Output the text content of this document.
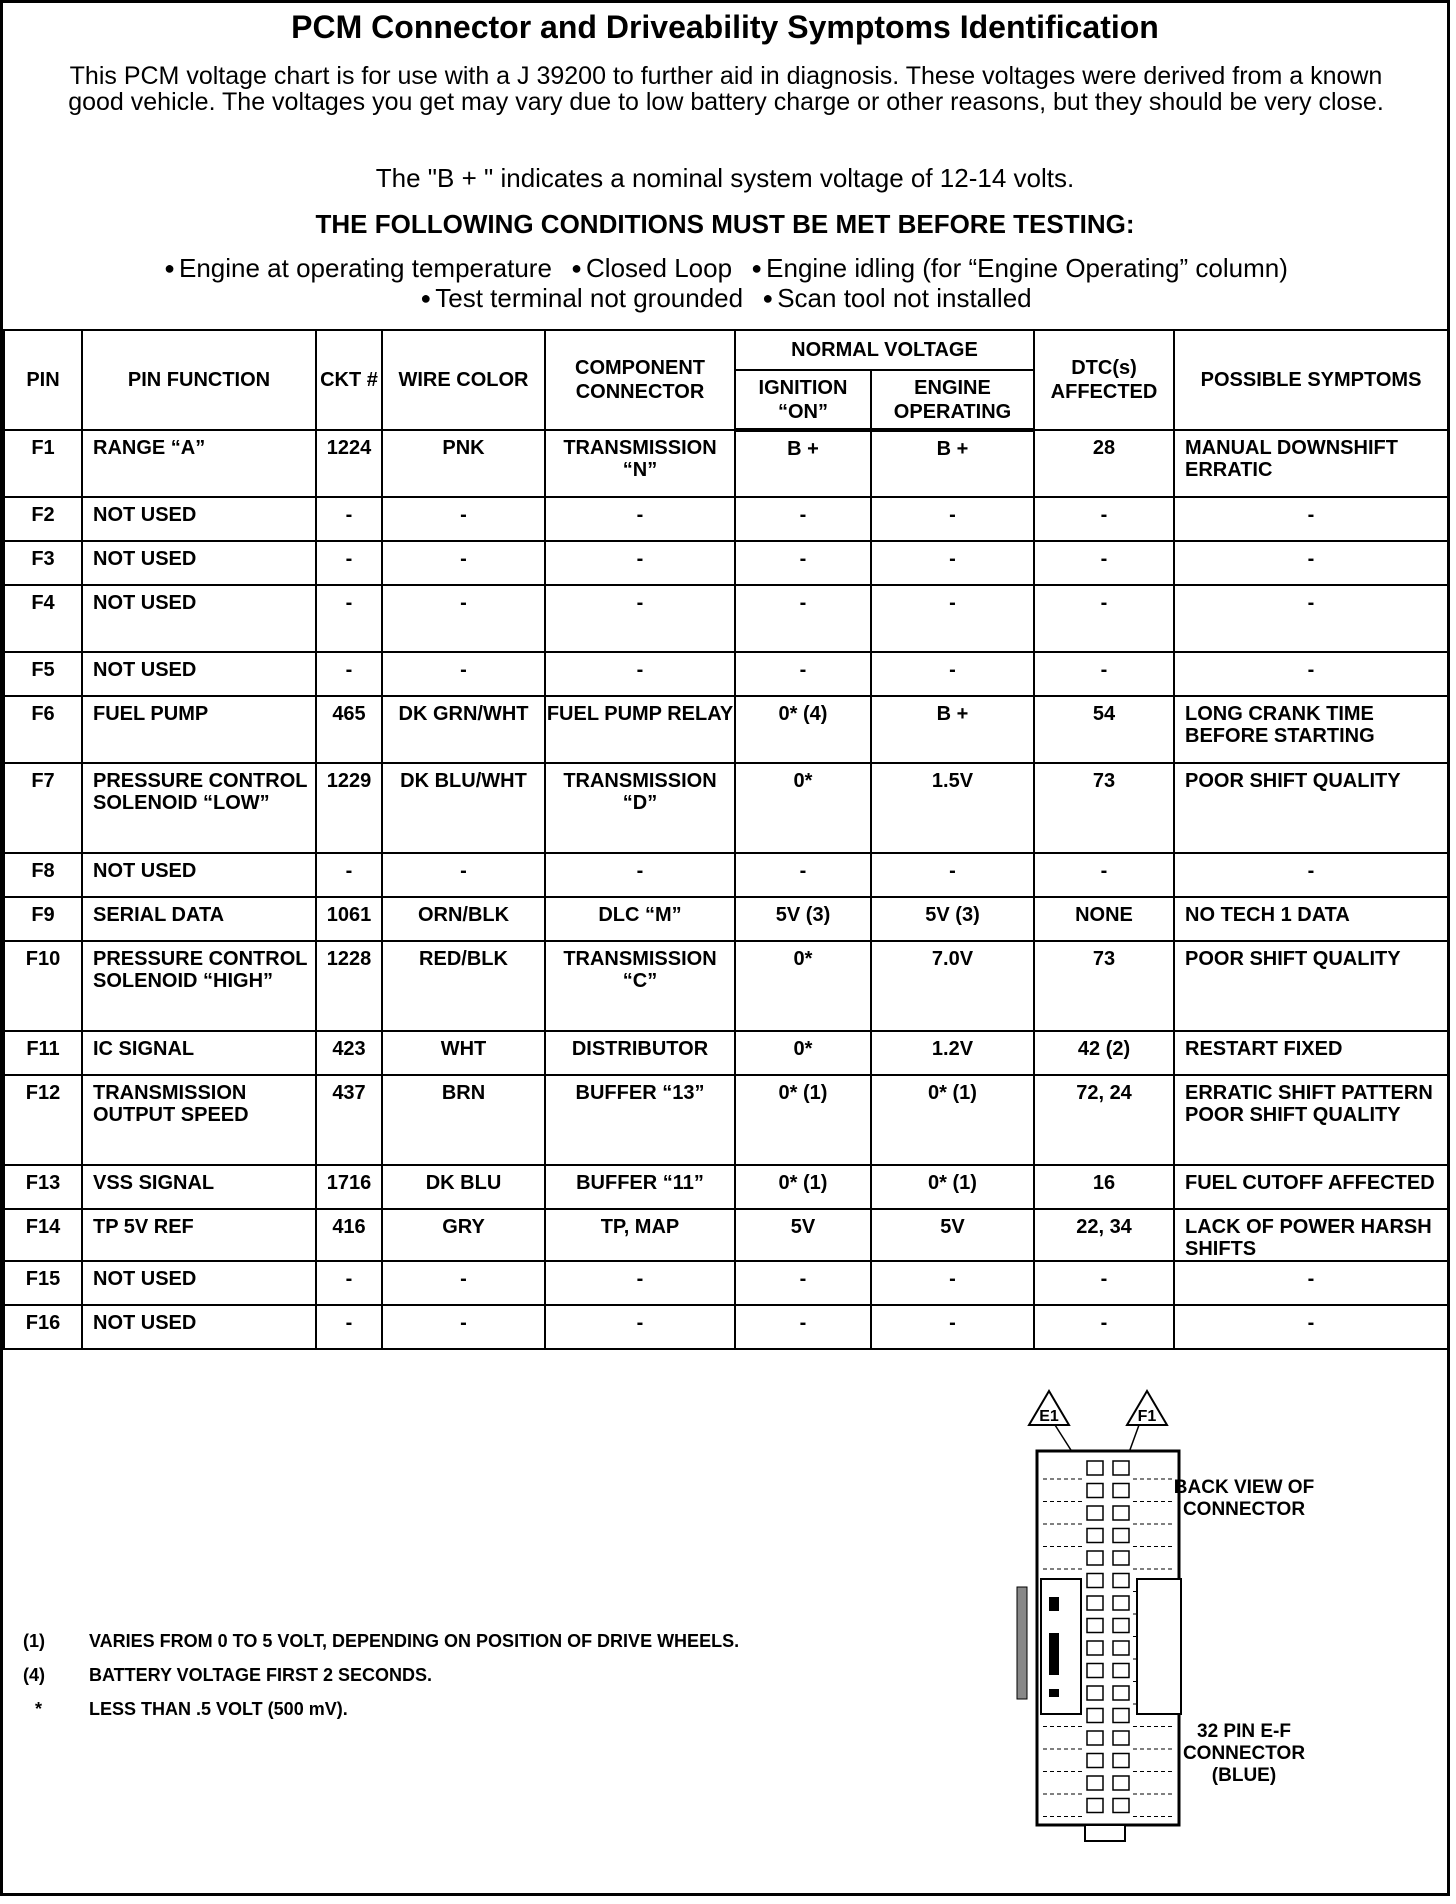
PCM Connector and Driveability Symptoms Identification
This PCM voltage chart is for use with a J 39200 to further aid in diagnosis. These voltages were derived from a known good vehicle. The voltages you get may vary due to low battery charge or other reasons, but they should be very close.
The "B + " indicates a nominal system voltage of 12-14 volts.
THE FOLLOWING CONDITIONS MUST BE MET BEFORE TESTING:
● Engine at operating temperature ● Closed Loop ● Engine idling (for “Engine Operating” column)
● Test terminal not grounded ● Scan tool not installed
PIN	PIN FUNCTION	CKT #	WIRE COLOR	COMPONENT CONNECTOR	NORMAL VOLTAGE		DTC(s) AFFECTED	POSSIBLE SYMPTOMS
					IGNITION “ON”	ENGINE OPERATING		
F1	RANGE “A”	1224	PNK	TRANSMISSION “N”	B +	B +	28	MANUAL DOWNSHIFT ERRATIC
F2	NOT USED	-	-	-	-	-	-	-
F3	NOT USED	-	-	-	-	-	-	-
F4	NOT USED	-	-	-	-	-	-	-
F5	NOT USED	-	-	-	-	-	-	-
F6	FUEL PUMP	465	DK GRN/WHT	FUEL PUMP RELAY	0* (4)	B +	54	LONG CRANK TIME BEFORE STARTING
F7	PRESSURE CONTROL SOLENOID “LOW”	1229	DK BLU/WHT	TRANSMISSION “D”	0*	1.5V	73	POOR SHIFT QUALITY
F8	NOT USED	-	-	-	-	-	-	-
F9	SERIAL DATA	1061	ORN/BLK	DLC “M”	5V (3)	5V (3)	NONE	NO TECH 1 DATA
F10	PRESSURE CONTROL SOLENOID “HIGH”	1228	RED/BLK	TRANSMISSION “C”	0*	7.0V	73	POOR SHIFT QUALITY
F11	IC SIGNAL	423	WHT	DISTRIBUTOR	0*	1.2V	42 (2)	RESTART FIXED
F12	TRANSMISSION OUTPUT SPEED	437	BRN	BUFFER “13”	0* (1)	0* (1)	72, 24	ERRATIC SHIFT PATTERN POOR SHIFT QUALITY
F13	VSS SIGNAL	1716	DK BLU	BUFFER “11”	0* (1)	0* (1)	16	FUEL CUTOFF AFFECTED
F14	TP 5V REF	416	GRY	TP, MAP	5V	5V	22, 34	LACK OF POWER HARSH SHIFTS
F15	NOT USED	-	-	-	-	-	-	-
F16	NOT USED	-	-	-	-	-	-	-
(1) VARIES FROM 0 TO 5 VOLT, DEPENDING ON POSITION OF DRIVE WHEELS.
(4) BATTERY VOLTAGE FIRST 2 SECONDS.
*	LESS THAN .5 VOLT (500 mV).
E1	F1
BACK VIEW OF CONNECTOR
32 PIN E-F CONNECTOR (BLUE)
